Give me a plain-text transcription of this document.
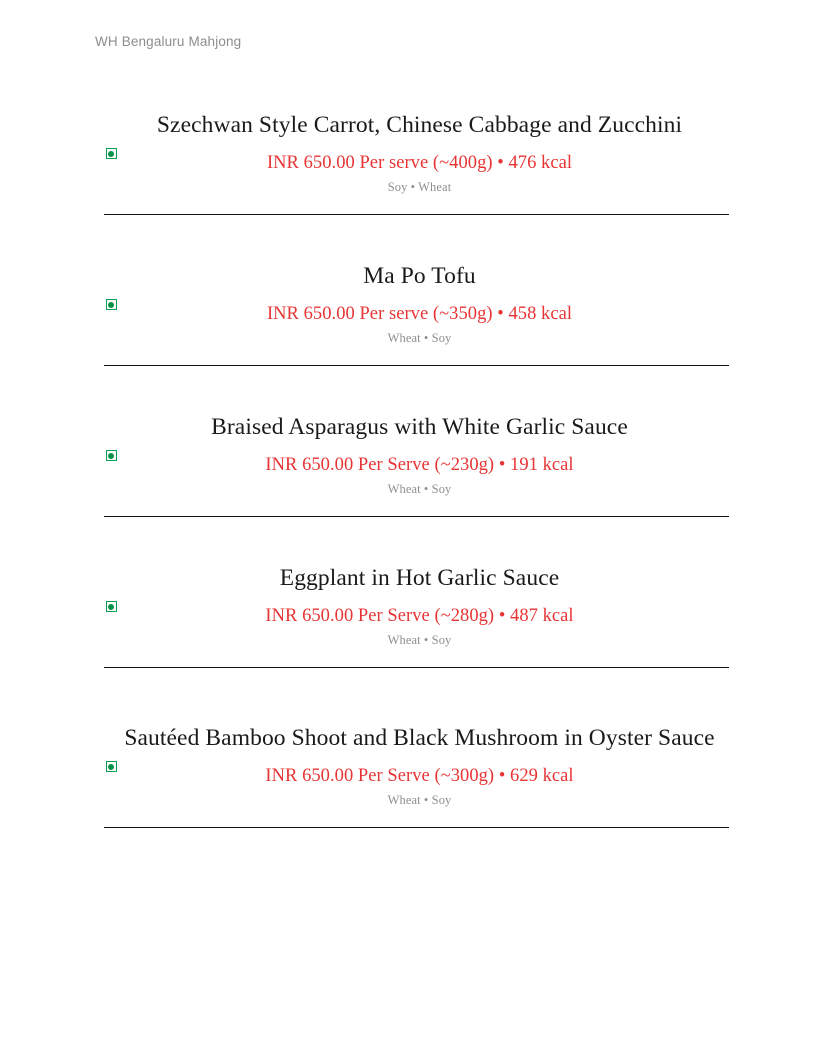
WH Bengaluru Mahjong
Szechwan Style Carrot, Chinese Cabbage and Zucchini
INR 650.00 Per serve (~400g) • 476 kcal
Soy • Wheat
Ma Po Tofu
INR 650.00 Per serve (~350g) • 458 kcal
Wheat • Soy
Braised Asparagus with White Garlic Sauce
INR 650.00 Per Serve (~230g) • 191 kcal
Wheat • Soy
Eggplant in Hot Garlic Sauce
INR 650.00 Per Serve (~280g) • 487 kcal
Wheat • Soy
Sautéed Bamboo Shoot and Black Mushroom in Oyster Sauce
INR 650.00 Per Serve (~300g) • 629 kcal
Wheat • Soy
